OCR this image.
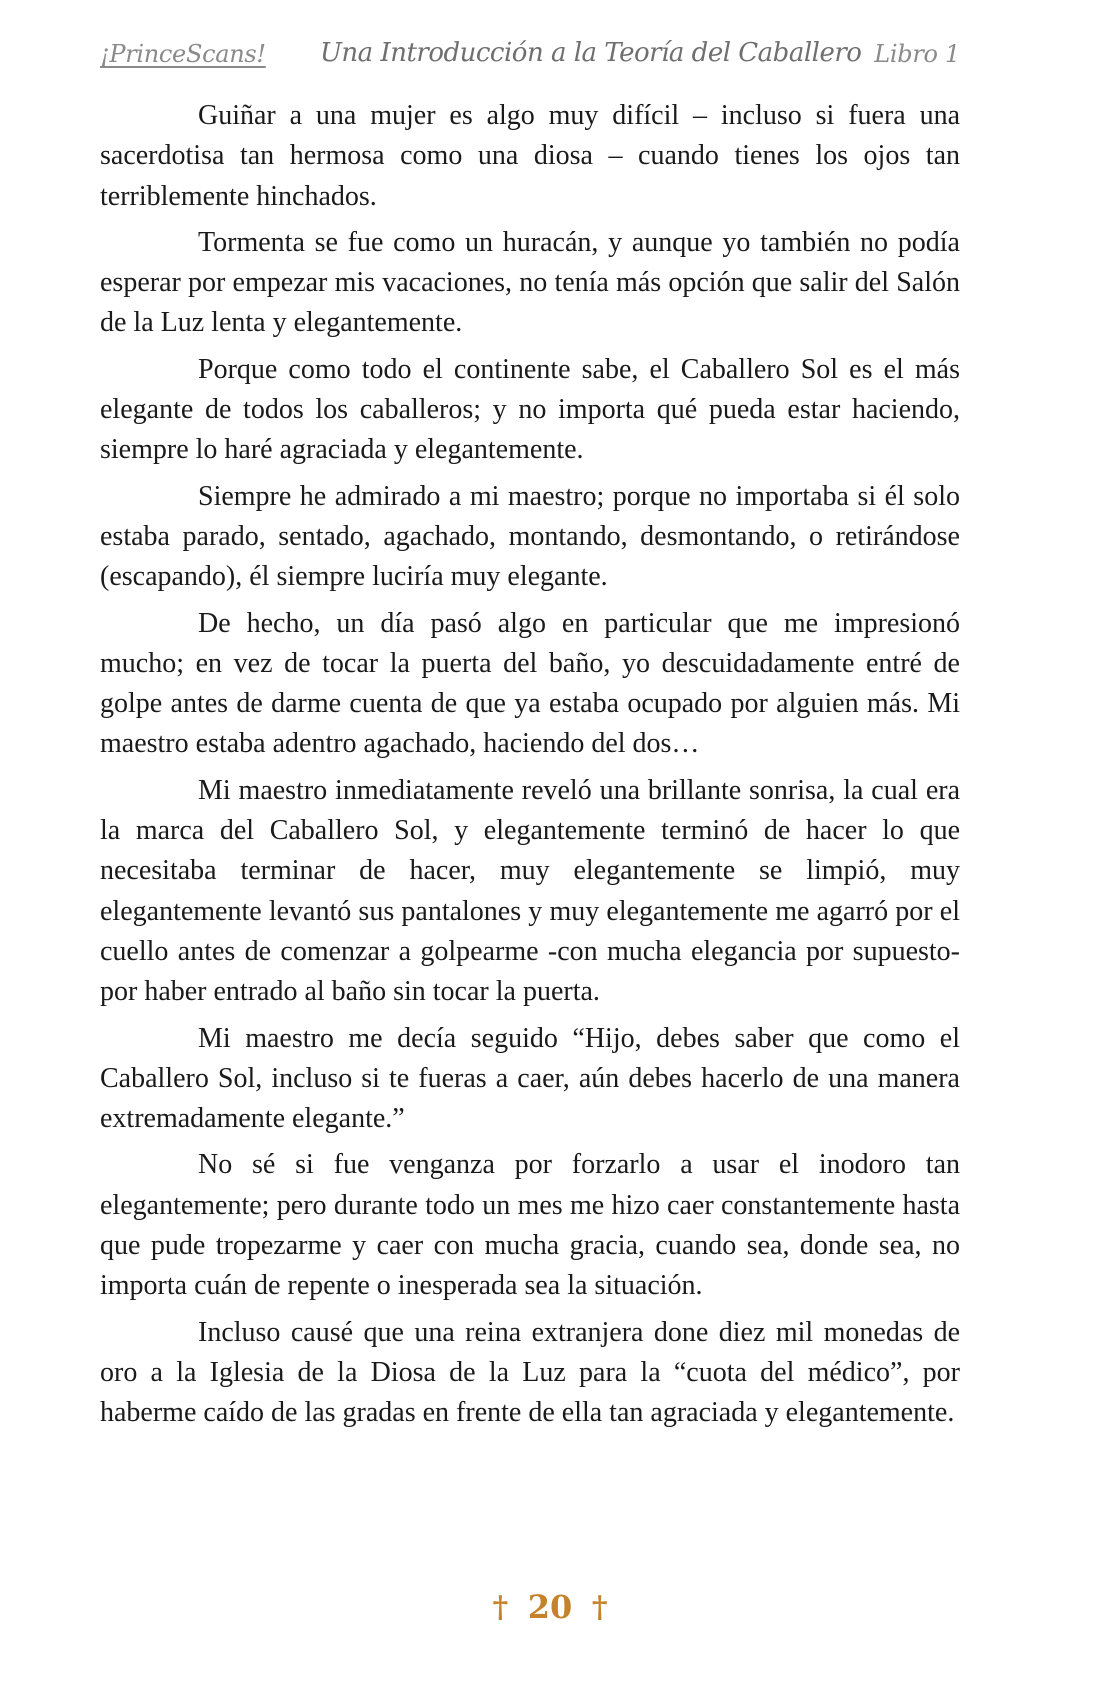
¡PrinceScans! Una Introducción a la Teoría del Caballero Libro 1

Guiñar a una mujer es algo muy difícil – incluso si fuera una sacerdotisa tan hermosa como una diosa – cuando tienes los ojos tan terriblemente hinchados.

Tormenta se fue como un huracán, y aunque yo también no podía esperar por empezar mis vacaciones, no tenía más opción que salir del Salón de la Luz lenta y elegantemente.

Porque como todo el continente sabe, el Caballero Sol es el más elegante de todos los caballeros; y no importa qué pueda estar haciendo, siempre lo haré agraciada y elegantemente.

Siempre he admirado a mi maestro; porque no importaba si él solo estaba parado, sentado, agachado, montando, desmontando, o retirándose (escapando), él siempre luciría muy elegante.

De hecho, un día pasó algo en particular que me impresionó mucho; en vez de tocar la puerta del baño, yo descuidadamente entré de golpe antes de darme cuenta de que ya estaba ocupado por alguien más. Mi maestro estaba adentro agachado, haciendo del dos…

Mi maestro inmediatamente reveló una brillante sonrisa, la cual era la marca del Caballero Sol, y elegantemente terminó de hacer lo que necesitaba terminar de hacer, muy elegantemente se limpió, muy elegantemente levantó sus pantalones y muy elegantemente me agarró por el cuello antes de comenzar a golpearme -con mucha elegancia por supuesto- por haber entrado al baño sin tocar la puerta.

Mi maestro me decía seguido “Hijo, debes saber que como el Caballero Sol, incluso si te fueras a caer, aún debes hacerlo de una manera extremadamente elegante.”

No sé si fue venganza por forzarlo a usar el inodoro tan elegantemente; pero durante todo un mes me hizo caer constantemente hasta que pude tropezarme y caer con mucha gracia, cuando sea, donde sea, no importa cuán de repente o inesperada sea la situación.

Incluso causé que una reina extranjera done diez mil monedas de oro a la Iglesia de la Diosa de la Luz para la “cuota del médico”, por haberme caído de las gradas en frente de ella tan agraciada y elegantemente.

† 20 †
